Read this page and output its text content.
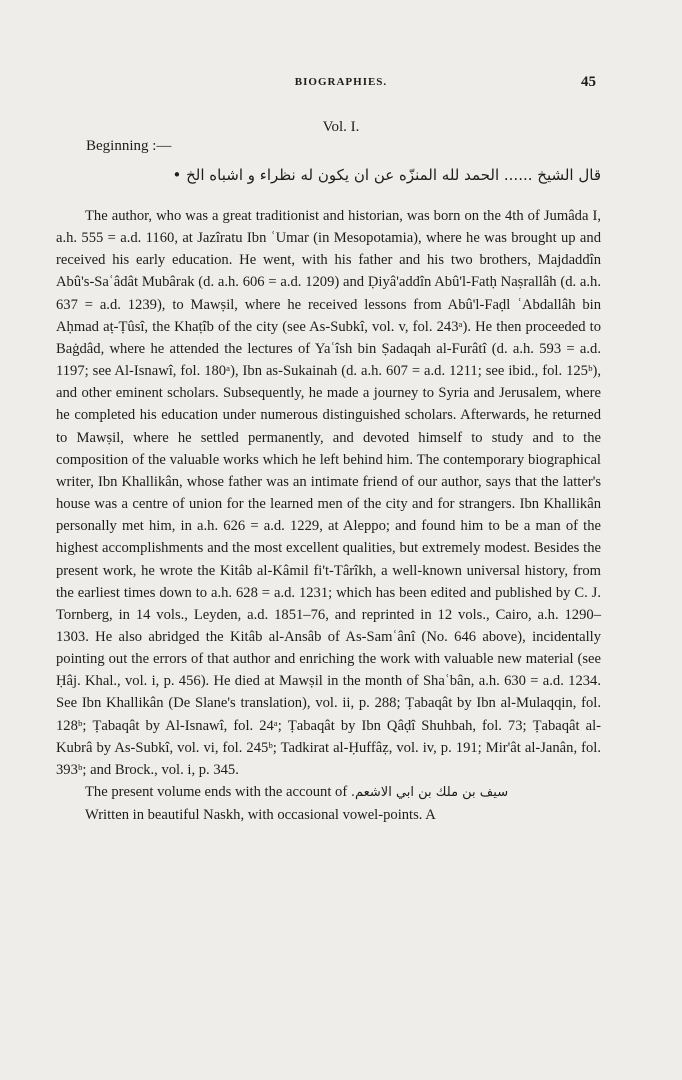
BIOGRAPHIES.	45
Vol. I.
Beginning :—
قال الشيخ ...... الحمد لله المنزّه عن ان يكون له نظراء و اشباه الخ •

The author, who was a great traditionist and historian, was born on the 4th of Jumâda I, a.h. 555 = a.d. 1160, at Jazîratu Ibn ʿUmar (in Mesopotamia), where he was brought up and received his early education. He went, with his father and his two brothers, Majdaddîn Abû's-Saʿâdât Mubârak (d. a.h. 606 = a.d. 1209) and Ḍiyâ'addîn Abû'l-Fatḥ Naṣrallâh (d. a.h. 637 = a.d. 1239), to Mawṣil, where he received lessons from Abû'l-Faḍl ʿAbdallâh bin Aḥmad aṭ-Ṭûsî, the Khaṭîb of the city (see As-Subkî, vol. v, fol. 243ᵃ). He then proceeded to Baġdâd, where he attended the lectures of Yaʿîsh bin Ṣadaqah al-Furâtî (d. a.h. 593 = a.d. 1197; see Al-Isnawî, fol. 180ᵃ), Ibn as-Sukainah (d. a.h. 607 = a.d. 1211; see ibid., fol. 125ᵇ), and other eminent scholars. Subsequently, he made a journey to Syria and Jerusalem, where he completed his education under numerous distinguished scholars. Afterwards, he returned to Mawṣil, where he settled permanently, and devoted himself to study and to the composition of the valuable works which he left behind him. The contemporary biographical writer, Ibn Khallikân, whose father was an intimate friend of our author, says that the latter's house was a centre of union for the learned men of the city and for strangers. Ibn Khallikân personally met him, in a.h. 626 = a.d. 1229, at Aleppo; and found him to be a man of the highest accomplishments and the most excellent qualities, but extremely modest. Besides the present work, he wrote the Kitâb al-Kâmil fi't-Târîkh, a well-known universal history, from the earliest times down to a.h. 628 = a.d. 1231; which has been edited and published by C. J. Tornberg, in 14 vols., Leyden, a.d. 1851–76, and reprinted in 12 vols., Cairo, a.h. 1290–1303. He also abridged the Kitâb al-Ansâb of As-Samʿânî (No. 646 above), incidentally pointing out the errors of that author and enriching the work with valuable new material (see Ḥâj. Khal., vol. i, p. 456). He died at Mawṣil in the month of Shaʿbân, a.h. 630 = a.d. 1234. See Ibn Khallikân (De Slane's translation), vol. ii, p. 288; Ṭabaqât by Ibn al-Mulaqqin, fol. 128ᵇ; Ṭabaqât by Al-Isnawî, fol. 24ᵃ; Ṭabaqât by Ibn Qâḍî Shuhbah, fol. 73; Ṭabaqât al-Kubrâ by As-Subkî, vol. vi, fol. 245ᵇ; Tadkirat al-Ḥuffâẓ, vol. iv, p. 191; Mir'ât al-Janân, fol. 393ᵇ; and Brock., vol. i, p. 345.

The present volume ends with the account of سيف بن ملك بن ابي الاشعم.

Written in beautiful Naskh, with occasional vowel-points. A
